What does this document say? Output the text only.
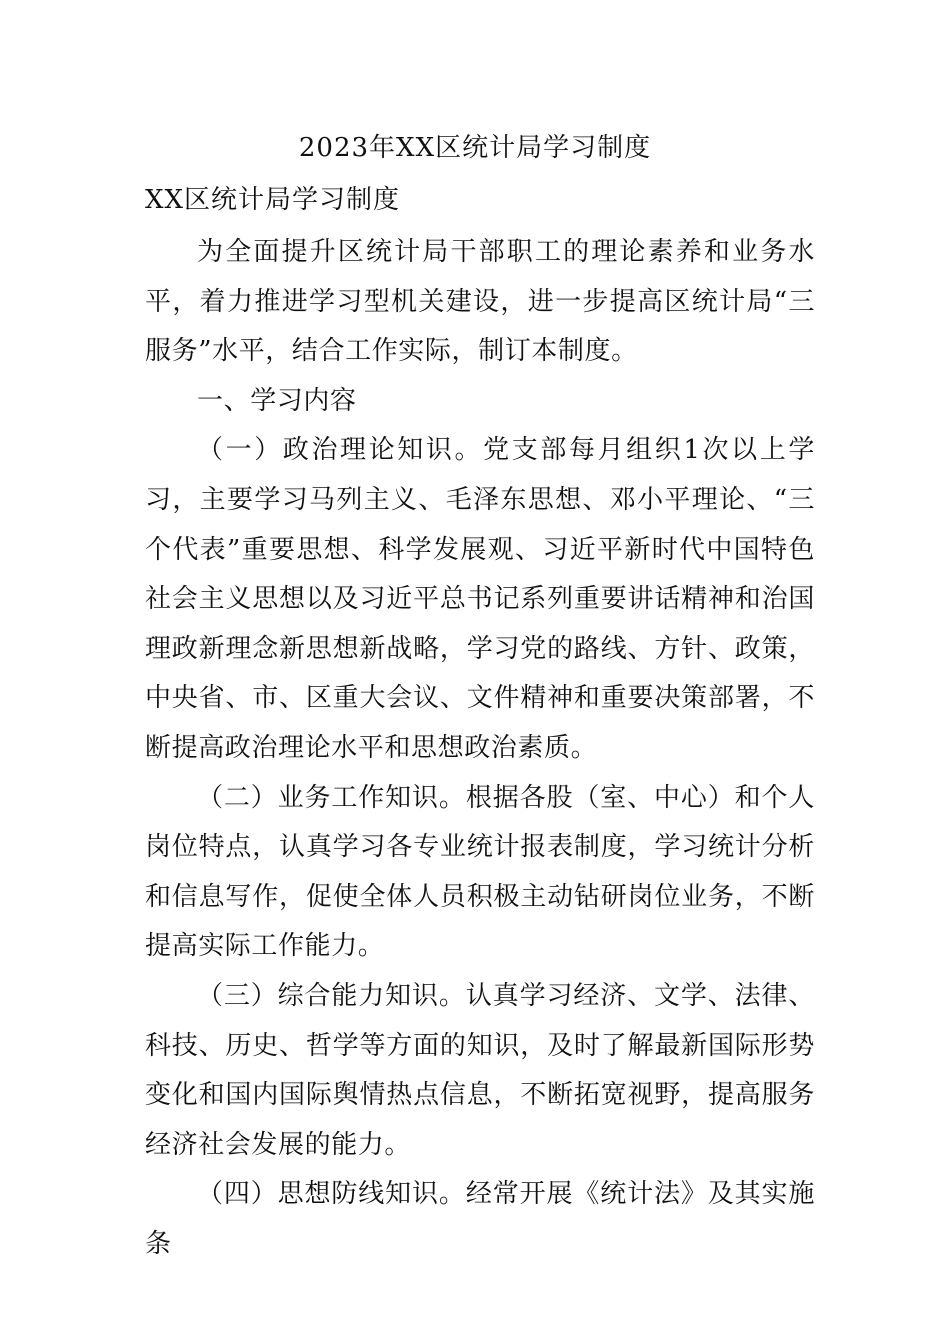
2023年XX区统计局学习制度
XX区统计局学习制度

为全面提升区统计局干部职工的理论素养和业务水平，着力推进学习型机关建设，进一步提高区统计局“三服务”水平，结合工作实际，制订本制度。

一、学习内容

（一）政治理论知识。党支部每月组织1次以上学习，主要学习马列主义、毛泽东思想、邓小平理论、“三个代表”重要思想、科学发展观、习近平新时代中国特色社会主义思想以及习近平总书记系列重要讲话精神和治国理政新理念新思想新战略，学习党的路线、方针、政策，中央省、市、区重大会议、文件精神和重要决策部署，不断提高政治理论水平和思想政治素质。

（二）业务工作知识。根据各股（室、中心）和个人岗位特点，认真学习各专业统计报表制度，学习统计分析和信息写作，促使全体人员积极主动钻研岗位业务，不断提高实际工作能力。

（三）综合能力知识。认真学习经济、文学、法律、科技、历史、哲学等方面的知识，及时了解最新国际形势变化和国内国际舆情热点信息，不断拓宽视野，提高服务经济社会发展的能力。

（四）思想防线知识。经常开展《统计法》及其实施条
